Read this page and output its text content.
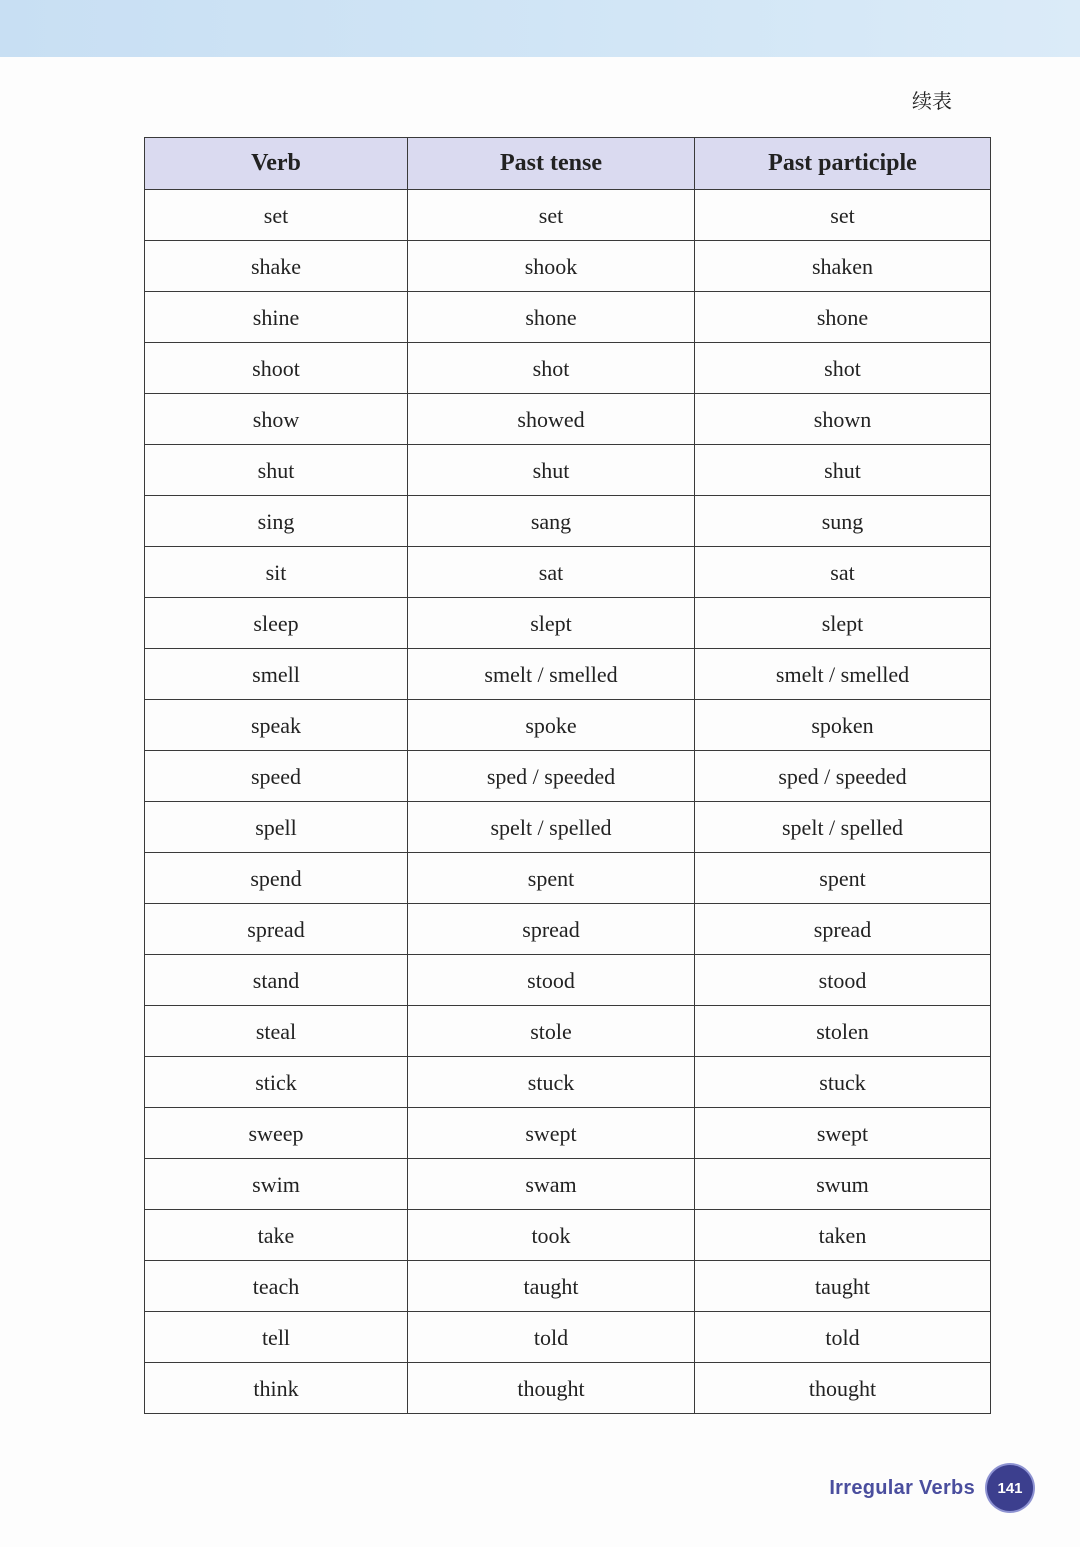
续表
Verb	Past tense	Past participle
set	set	set
shake	shook	shaken
shine	shone	shone
shoot	shot	shot
show	showed	shown
shut	shut	shut
sing	sang	sung
sit	sat	sat
sleep	slept	slept
smell	smelt / smelled	smelt / smelled
speak	spoke	spoken
speed	sped / speeded	sped / speeded
spell	spelt / spelled	spelt / spelled
spend	spent	spent
spread	spread	spread
stand	stood	stood
steal	stole	stolen
stick	stuck	stuck
sweep	swept	swept
swim	swam	swum
take	took	taken
teach	taught	taught
tell	told	told
think	thought	thought
Irregular Verbs 141
